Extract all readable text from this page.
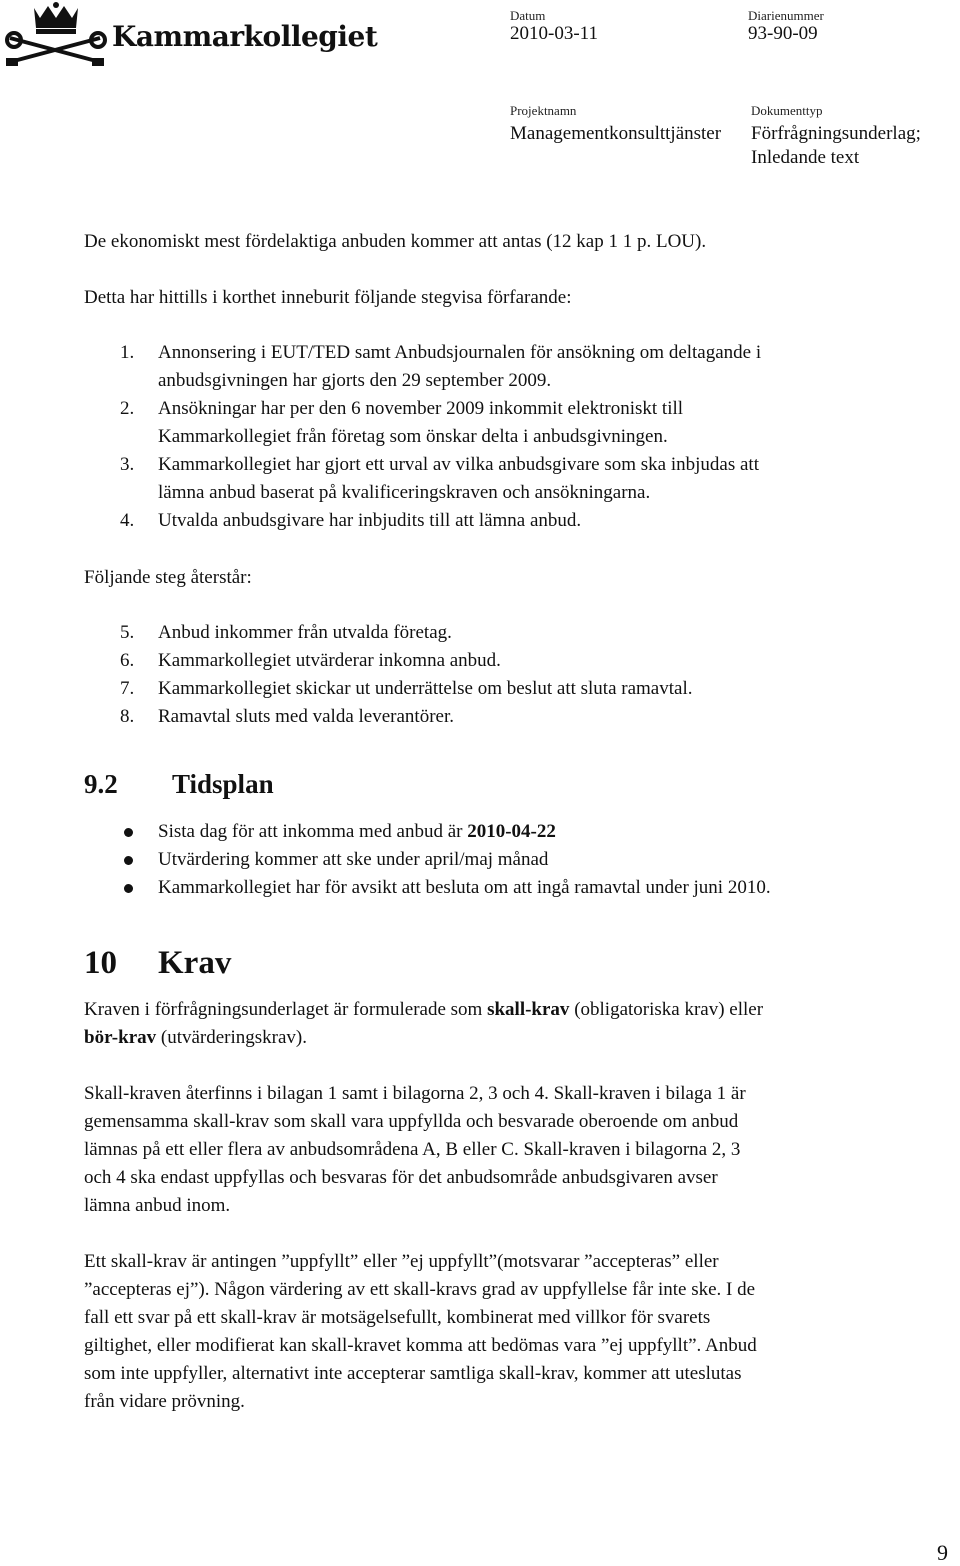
Kammarkollegiet
Datum
2010-03-11
Diarienummer
93-90-09
Projektnamn
Managementkonsulttjänster
Dokumenttyp
Förfrågningsunderlag;
Inledande text
De ekonomiskt mest fördelaktiga anbuden kommer att antas (12 kap 1 1 p. LOU).
Detta har hittills i korthet inneburit följande stegvisa förfarande:
1. Annonsering i EUT/TED samt Anbudsjournalen för ansökning om deltagande i
anbudsgivningen har gjorts den 29 september 2009.
2. Ansökningar har per den 6 november 2009 inkommit elektroniskt till
Kammarkollegiet från företag som önskar delta i anbudsgivningen.
3. Kammarkollegiet har gjort ett urval av vilka anbudsgivare som ska inbjudas att
lämna anbud baserat på kvalificeringskraven och ansökningarna.
4. Utvalda anbudsgivare har inbjudits till att lämna anbud.
Följande steg återstår:
5. Anbud inkommer från utvalda företag.
6. Kammarkollegiet utvärderar inkomna anbud.
7. Kammarkollegiet skickar ut underrättelse om beslut att sluta ramavtal.
8. Ramavtal sluts med valda leverantörer.
9.2 Tidsplan
Sista dag för att inkomma med anbud är 2010-04-22
Utvärdering kommer att ske under april/maj månad
Kammarkollegiet har för avsikt att besluta om att ingå ramavtal under juni 2010.
10 Krav
Kraven i förfrågningsunderlaget är formulerade som skall-krav (obligatoriska krav) eller
bör-krav (utvärderingskrav).
Skall-kraven återfinns i bilagan 1 samt i bilagorna 2, 3 och 4. Skall-kraven i bilaga 1 är
gemensamma skall-krav som skall vara uppfyllda och besvarade oberoende om anbud
lämnas på ett eller flera av anbudsområdena A, B eller C. Skall-kraven i bilagorna 2, 3
och 4 ska endast uppfyllas och besvaras för det anbudsområde anbudsgivaren avser
lämna anbud inom.
Ett skall-krav är antingen ”uppfyllt” eller ”ej uppfyllt”(motsvarar ”accepteras” eller
”accepteras ej”). Någon värdering av ett skall-kravs grad av uppfyllelse får inte ske. I de
fall ett svar på ett skall-krav är motsägelsefullt, kombinerat med villkor för svarets
giltighet, eller modifierat kan skall-kravet komma att bedömas vara ”ej uppfyllt”. Anbud
som inte uppfyller, alternativt inte accepterar samtliga skall-krav, kommer att uteslutas
från vidare prövning.
9
